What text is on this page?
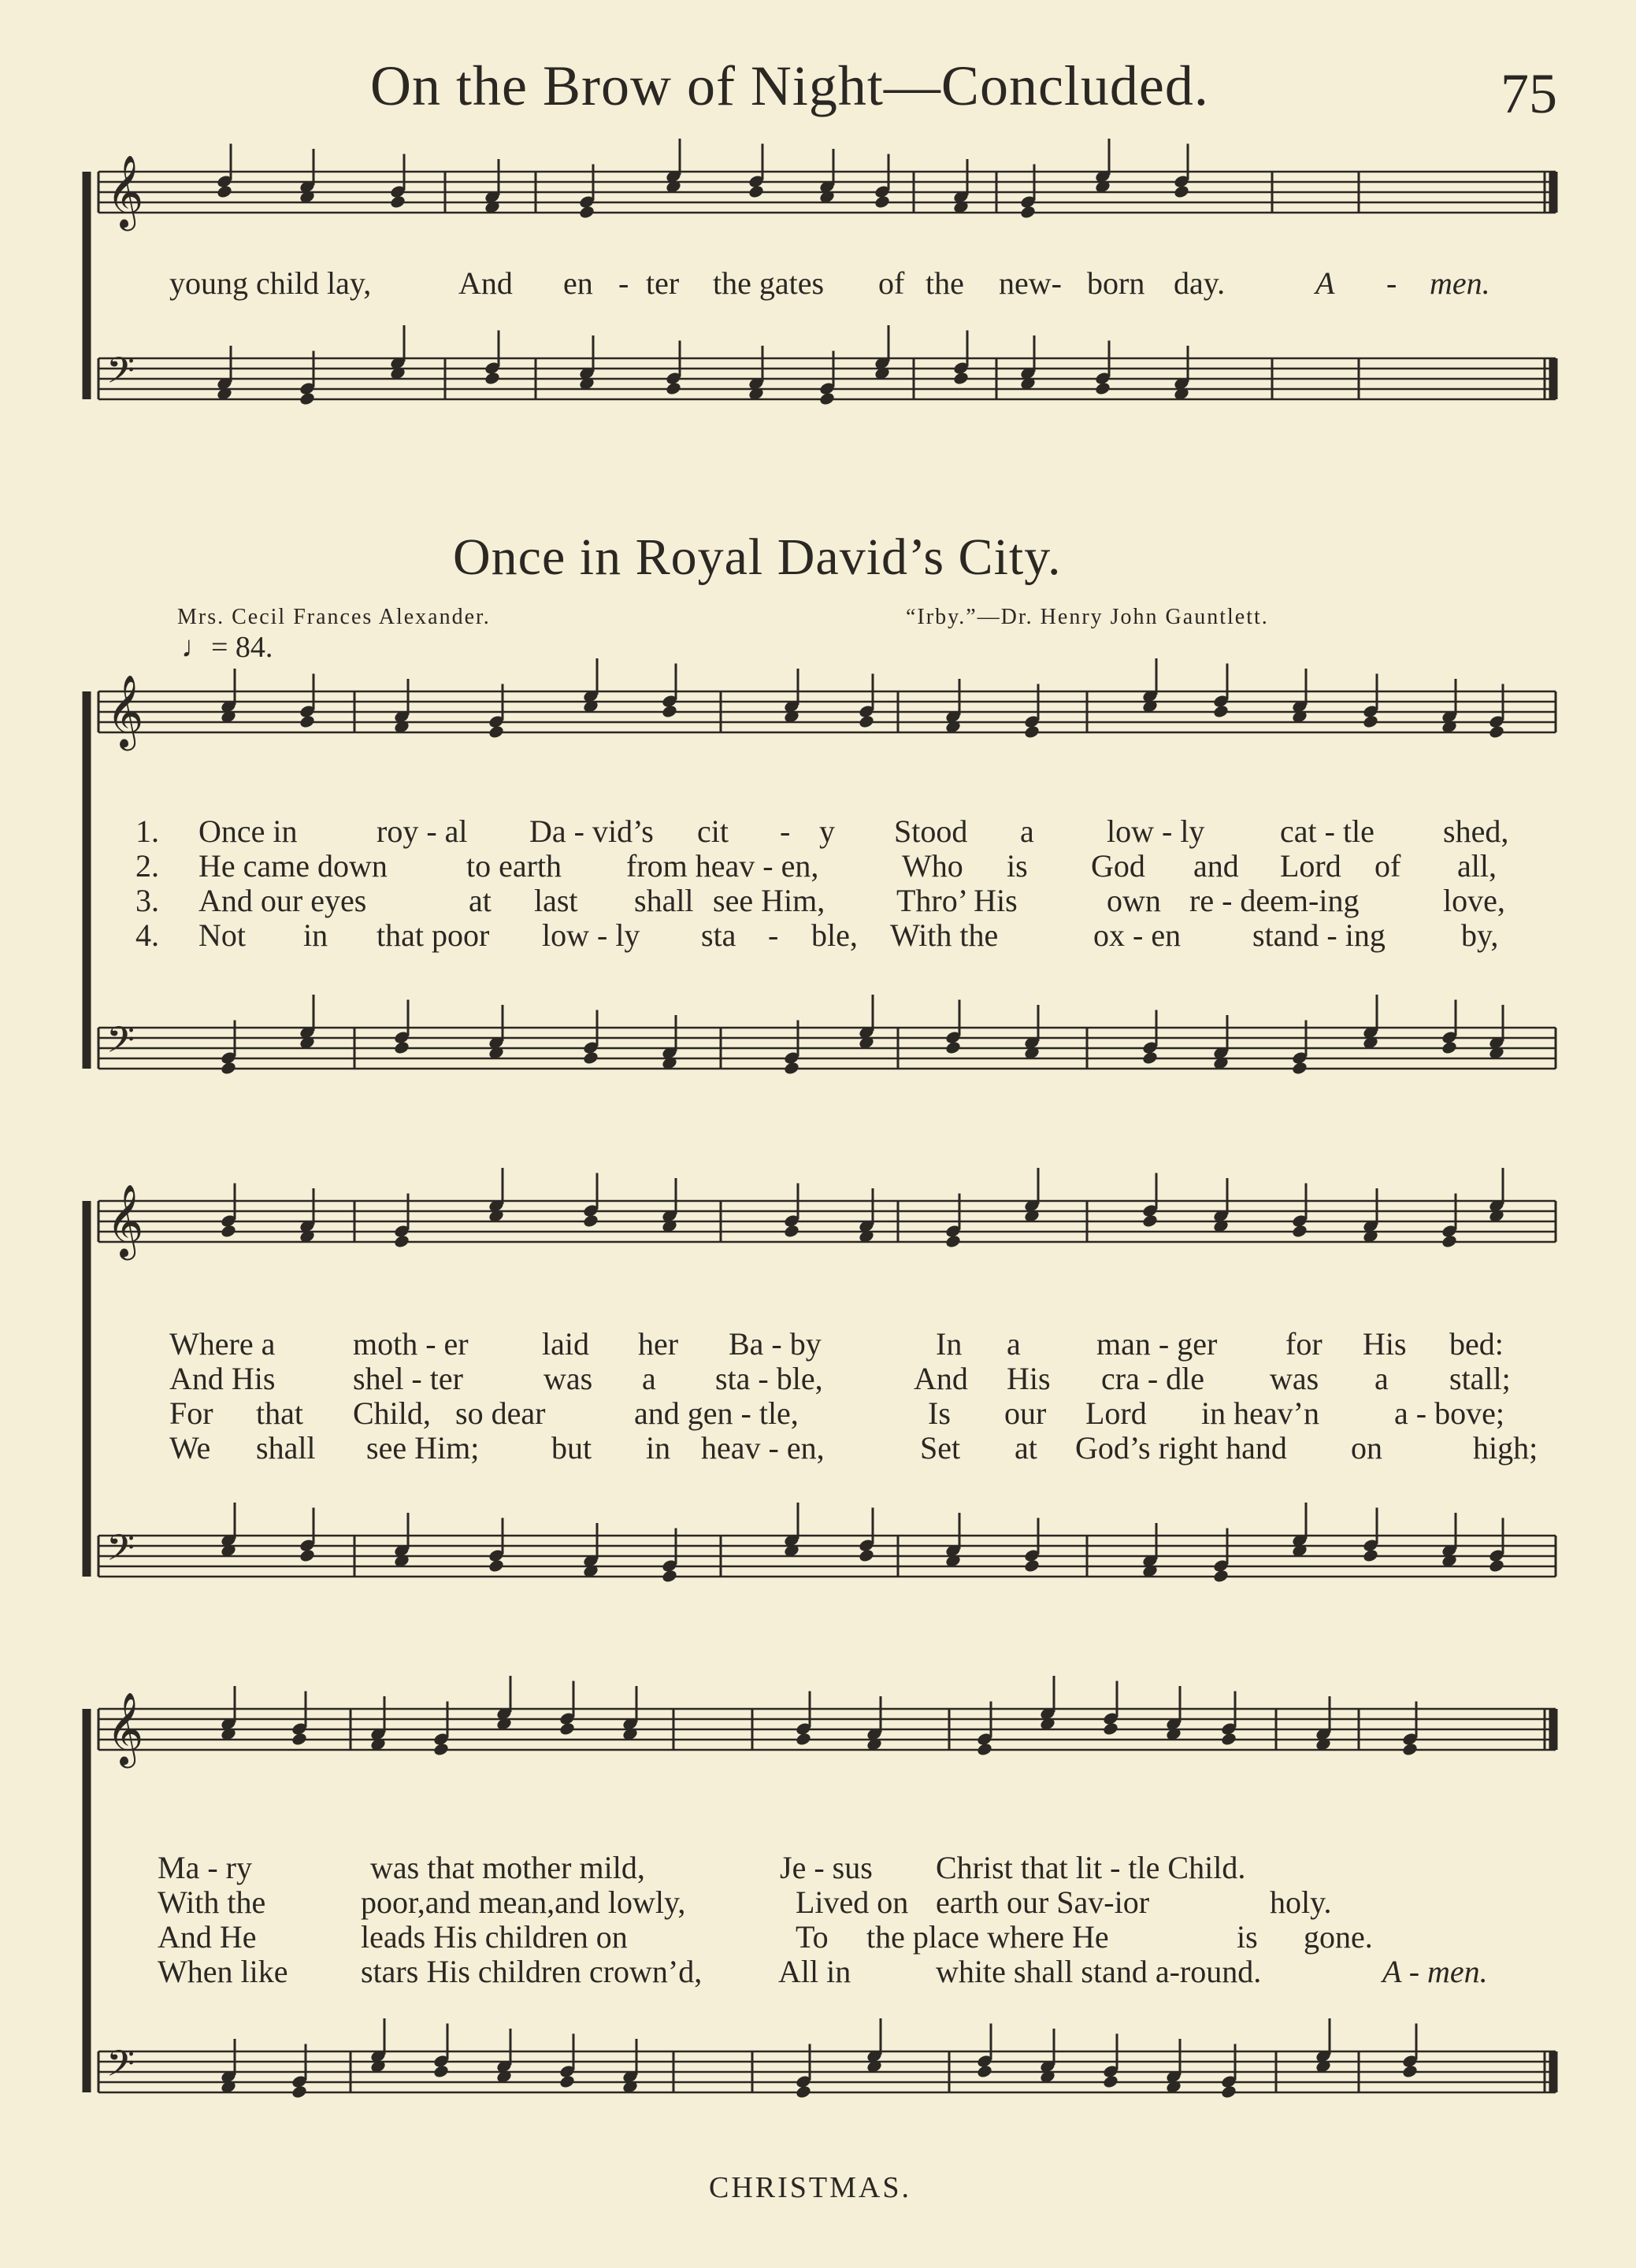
On the Brow of Night—Concluded.	75
young child lay,	And en - ter the gates of the new- born day.	A - men.
Once in Royal David’s City.
Mrs. Cecil Frances Alexander.	“Irby.”—Dr. Henry John Gauntlett.
♩= 84.
1. Once in	roy - al Da - vid’s cit - y Stood a low - ly cat - tle shed,
2. He came down	to earth from heav - en,	Who is God and Lord of all,
3. And our eyes	at last shall see Him, Thro’ His	own re - deem-ing	love,
4. Not in that poor low - ly sta - ble, With the	ox - en stand - ing by,
Where a moth - er laid her Ba - by	In a man - ger for His bed:
And His shel - ter	was a sta - ble,	And His cra - dle was a stall;
For that Child, so dear	and gen - tle,	Is our Lord in heav’n a - bove;
We shall see Him; but in heav - en,	Set at God’s right hand on	high;
Ma - ry	was that mother mild,	Je - sus Christ that lit - tle Child.
With the	poor,and mean,and lowly,	Lived on earth our Sav-ior	holy.
And He	leads His children on	To the place where He	is gone.
When like stars His children crown’d, All in	white shall stand a-round.	A - men.
CHRISTMAS.
𝄞
𝄢
𝄞
𝄢
𝄞
𝄢
𝄞
𝄢
